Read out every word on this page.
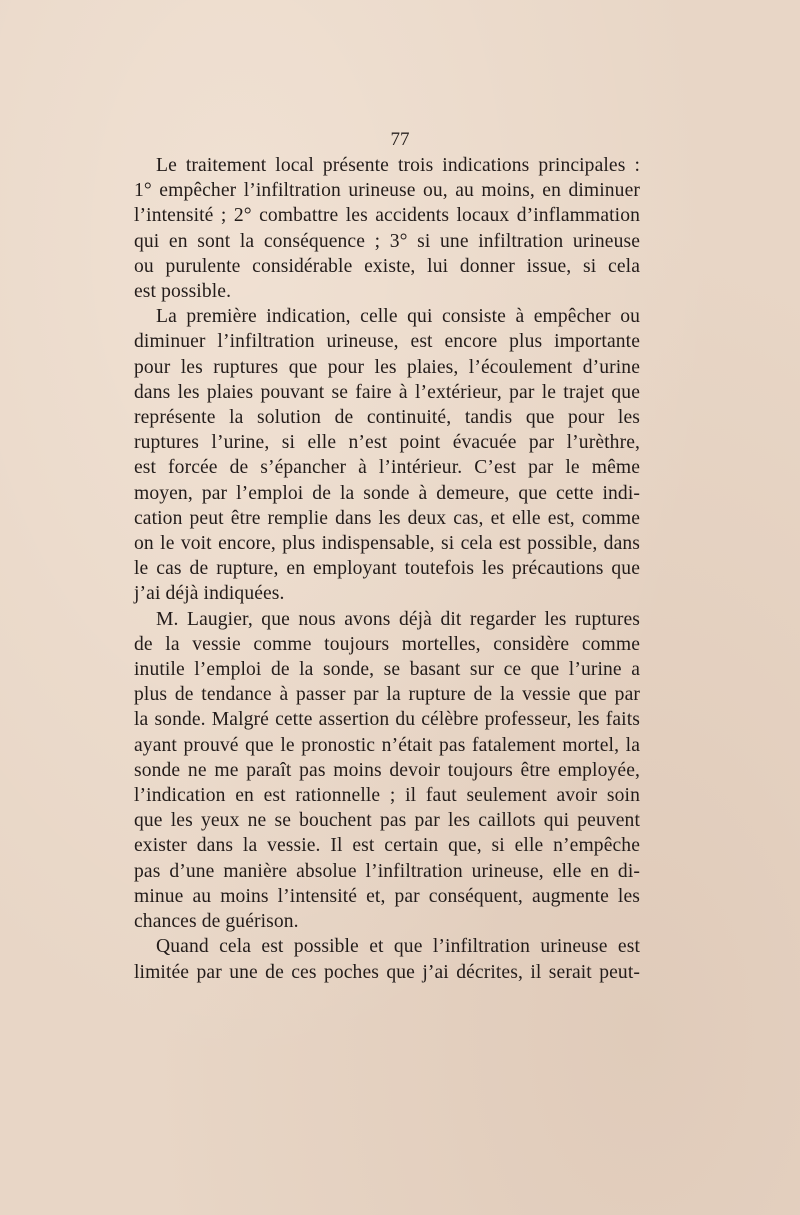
77

Le traitement local présente trois indications principales :
1° empêcher l’infiltration urineuse ou, au moins, en diminuer
l’intensité ; 2° combattre les accidents locaux d’inflammation
qui en sont la conséquence ; 3° si une infiltration urineuse
ou purulente considérable existe, lui donner issue, si cela
est possible.

La première indication, celle qui consiste à empêcher ou
diminuer l’infiltration urineuse, est encore plus importante
pour les ruptures que pour les plaies, l’écoulement d’urine
dans les plaies pouvant se faire à l’extérieur, par le trajet que
représente la solution de continuité, tandis que pour les
ruptures l’urine, si elle n’est point évacuée par l’urèthre,
est forcée de s’épancher à l’intérieur. C’est par le même
moyen, par l’emploi de la sonde à demeure, que cette indi-
cation peut être remplie dans les deux cas, et elle est, comme
on le voit encore, plus indispensable, si cela est possible, dans
le cas de rupture, en employant toutefois les précautions que
j’ai déjà indiquées.

M. Laugier, que nous avons déjà dit regarder les ruptures
de la vessie comme toujours mortelles, considère comme
inutile l’emploi de la sonde, se basant sur ce que l’urine a
plus de tendance à passer par la rupture de la vessie que par
la sonde. Malgré cette assertion du célèbre professeur, les faits
ayant prouvé que le pronostic n’était pas fatalement mortel, la
sonde ne me paraît pas moins devoir toujours être employée,
l’indication en est rationnelle ; il faut seulement avoir soin
que les yeux ne se bouchent pas par les caillots qui peuvent
exister dans la vessie. Il est certain que, si elle n’empêche
pas d’une manière absolue l’infiltration urineuse, elle en di-
minue au moins l’intensité et, par conséquent, augmente les
chances de guérison.

Quand cela est possible et que l’infiltration urineuse est
limitée par une de ces poches que j’ai décrites, il serait peut-
